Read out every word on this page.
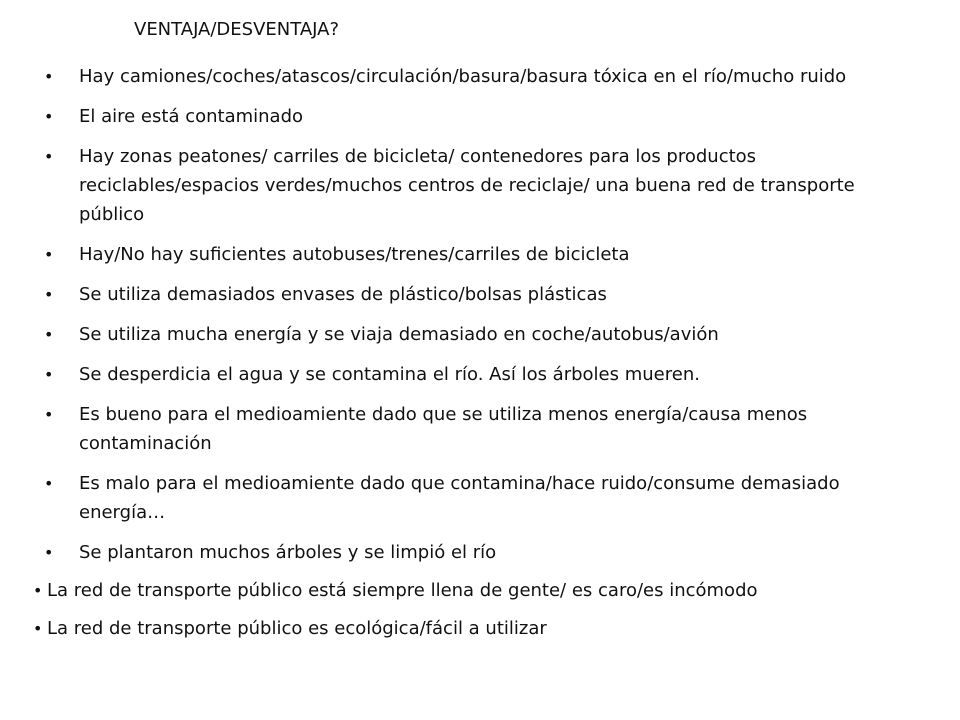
VENTAJA/DESVENTAJA?
• Hay camiones/coches/atascos/circulación/basura/basura tóxica en el río/mucho ruido
• El aire está contaminado
• Hay zonas peatones/ carriles de bicicleta/ contenedores para los productos reciclables/espacios verdes/muchos centros de reciclaje/ una buena red de transporte público
• Hay/No hay suficientes autobuses/trenes/carriles de bicicleta
• Se utiliza demasiados envases de plástico/bolsas plásticas
• Se utiliza mucha energía y se viaja demasiado en coche/autobus/avión
• Se desperdicia el agua y se contamina el río. Así los árboles mueren.
• Es bueno para el medioamiente dado que se utiliza menos energía/causa menos contaminación
• Es malo para el medioamiente dado que contamina/hace ruido/consume demasiado energía…
• Se plantaron muchos árboles y se limpió el río
• La red de transporte público está siempre llena de gente/ es caro/es incómodo
• La red de transporte público es ecológica/fácil a utilizar
